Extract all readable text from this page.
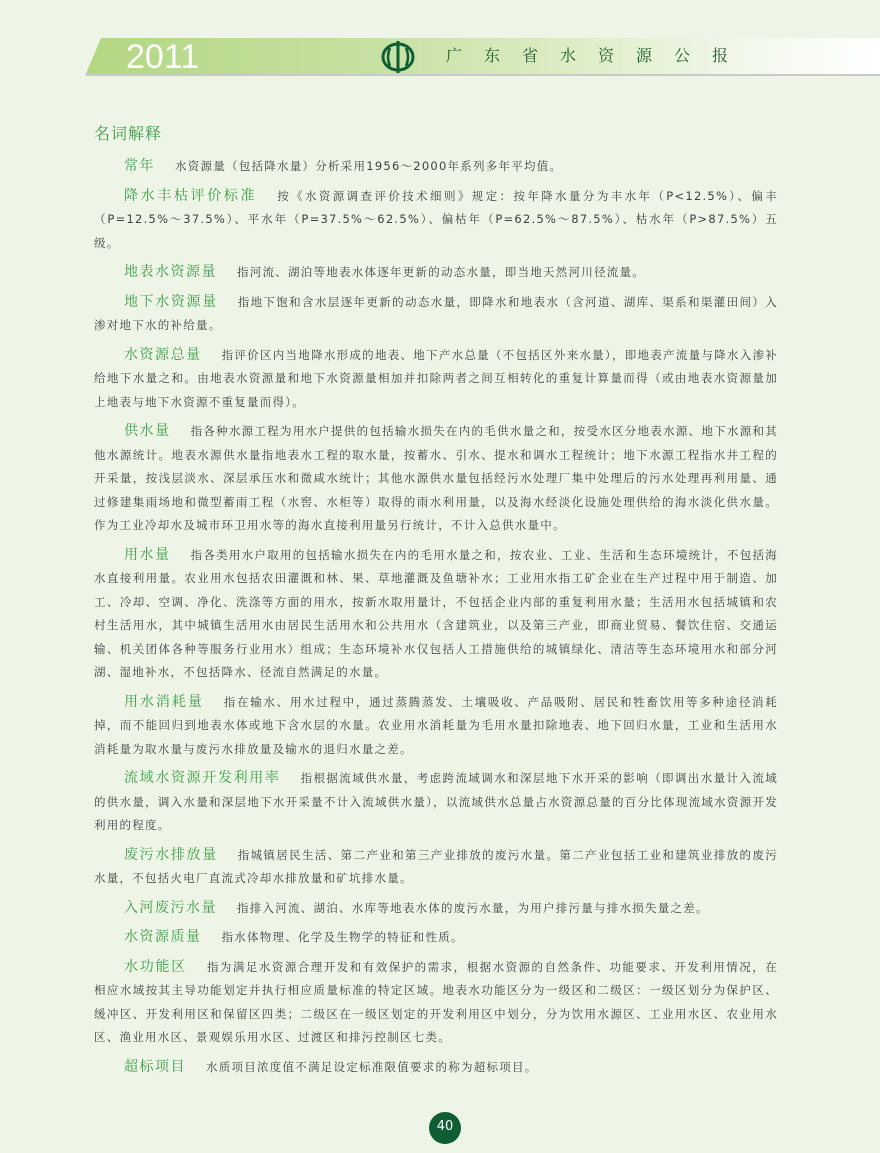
2011	广东省水资源公报
名词解释

常年 水资源量（包括降水量）分析采用1956～2000年系列多年平均值。

降水丰枯评价标准 按《水资源调查评价技术细则》规定：按年降水量分为丰水年（P<12.5%）、偏丰（P=12.5%～37.5%）、平水年（P=37.5%～62.5%）、偏枯年（P=62.5%～87.5%）、枯水年（P>87.5%）五级。

地表水资源量 指河流、湖泊等地表水体逐年更新的动态水量，即当地天然河川径流量。

地下水资源量 指地下饱和含水层逐年更新的动态水量，即降水和地表水（含河道、湖库、渠系和渠灌田间）入渗对地下水的补给量。

水资源总量 指评价区内当地降水形成的地表、地下产水总量（不包括区外来水量），即地表产流量与降水入渗补给地下水量之和。由地表水资源量和地下水资源量相加并扣除两者之间互相转化的重复计算量而得（或由地表水资源量加上地表与地下水资源不重复量而得）。

供水量 指各种水源工程为用水户提供的包括输水损失在内的毛供水量之和，按受水区分地表水源、地下水源和其他水源统计。地表水源供水量指地表水工程的取水量，按蓄水、引水、提水和调水工程统计；地下水源工程指水井工程的开采量，按浅层淡水、深层承压水和微咸水统计；其他水源供水量包括经污水处理厂集中处理后的污水处理再利用量、通过修建集雨场地和微型蓄雨工程（水窖、水柜等）取得的雨水利用量，以及海水经淡化设施处理供给的海水淡化供水量。作为工业冷却水及城市环卫用水等的海水直接利用量另行统计，不计入总供水量中。

用水量 指各类用水户取用的包括输水损失在内的毛用水量之和，按农业、工业、生活和生态环境统计，不包括海水直接利用量。农业用水包括农田灌溉和林、果、草地灌溉及鱼塘补水；工业用水指工矿企业在生产过程中用于制造、加工、冷却、空调、净化、洗涤等方面的用水，按新水取用量计，不包括企业内部的重复利用水量；生活用水包括城镇和农村生活用水，其中城镇生活用水由居民生活用水和公共用水（含建筑业，以及第三产业，即商业贸易、餐饮住宿、交通运输、机关团体各种等服务行业用水）组成；生态环境补水仅包括人工措施供给的城镇绿化、清洁等生态环境用水和部分河湖、湿地补水，不包括降水、径流自然满足的水量。

用水消耗量 指在输水、用水过程中，通过蒸腾蒸发、土壤吸收、产品吸附、居民和牲畜饮用等多种途径消耗掉，而不能回归到地表水体或地下含水层的水量。农业用水消耗量为毛用水量扣除地表、地下回归水量，工业和生活用水消耗量为取水量与废污水排放量及输水的退归水量之差。

流域水资源开发利用率 指根据流域供水量，考虑跨流域调水和深层地下水开采的影响（即调出水量计入流域的供水量，调入水量和深层地下水开采量不计入流域供水量），以流域供水总量占水资源总量的百分比体现流域水资源开发利用的程度。

废污水排放量 指城镇居民生活、第二产业和第三产业排放的废污水量。第二产业包括工业和建筑业排放的废污水量，不包括火电厂直流式冷却水排放量和矿坑排水量。

入河废污水量 指排入河流、湖泊、水库等地表水体的废污水量，为用户排污量与排水损失量之差。

水资源质量 指水体物理、化学及生物学的特征和性质。

水功能区 指为满足水资源合理开发和有效保护的需求，根据水资源的自然条件、功能要求、开发利用情况，在相应水域按其主导功能划定并执行相应质量标准的特定区域。地表水功能区分为一级区和二级区：一级区划分为保护区、缓冲区、开发利用区和保留区四类；二级区在一级区划定的开发利用区中划分，分为饮用水源区、工业用水区、农业用水区、渔业用水区、景观娱乐用水区、过渡区和排污控制区七类。

超标项目 水质项目浓度值不满足设定标准限值要求的称为超标项目。

40
